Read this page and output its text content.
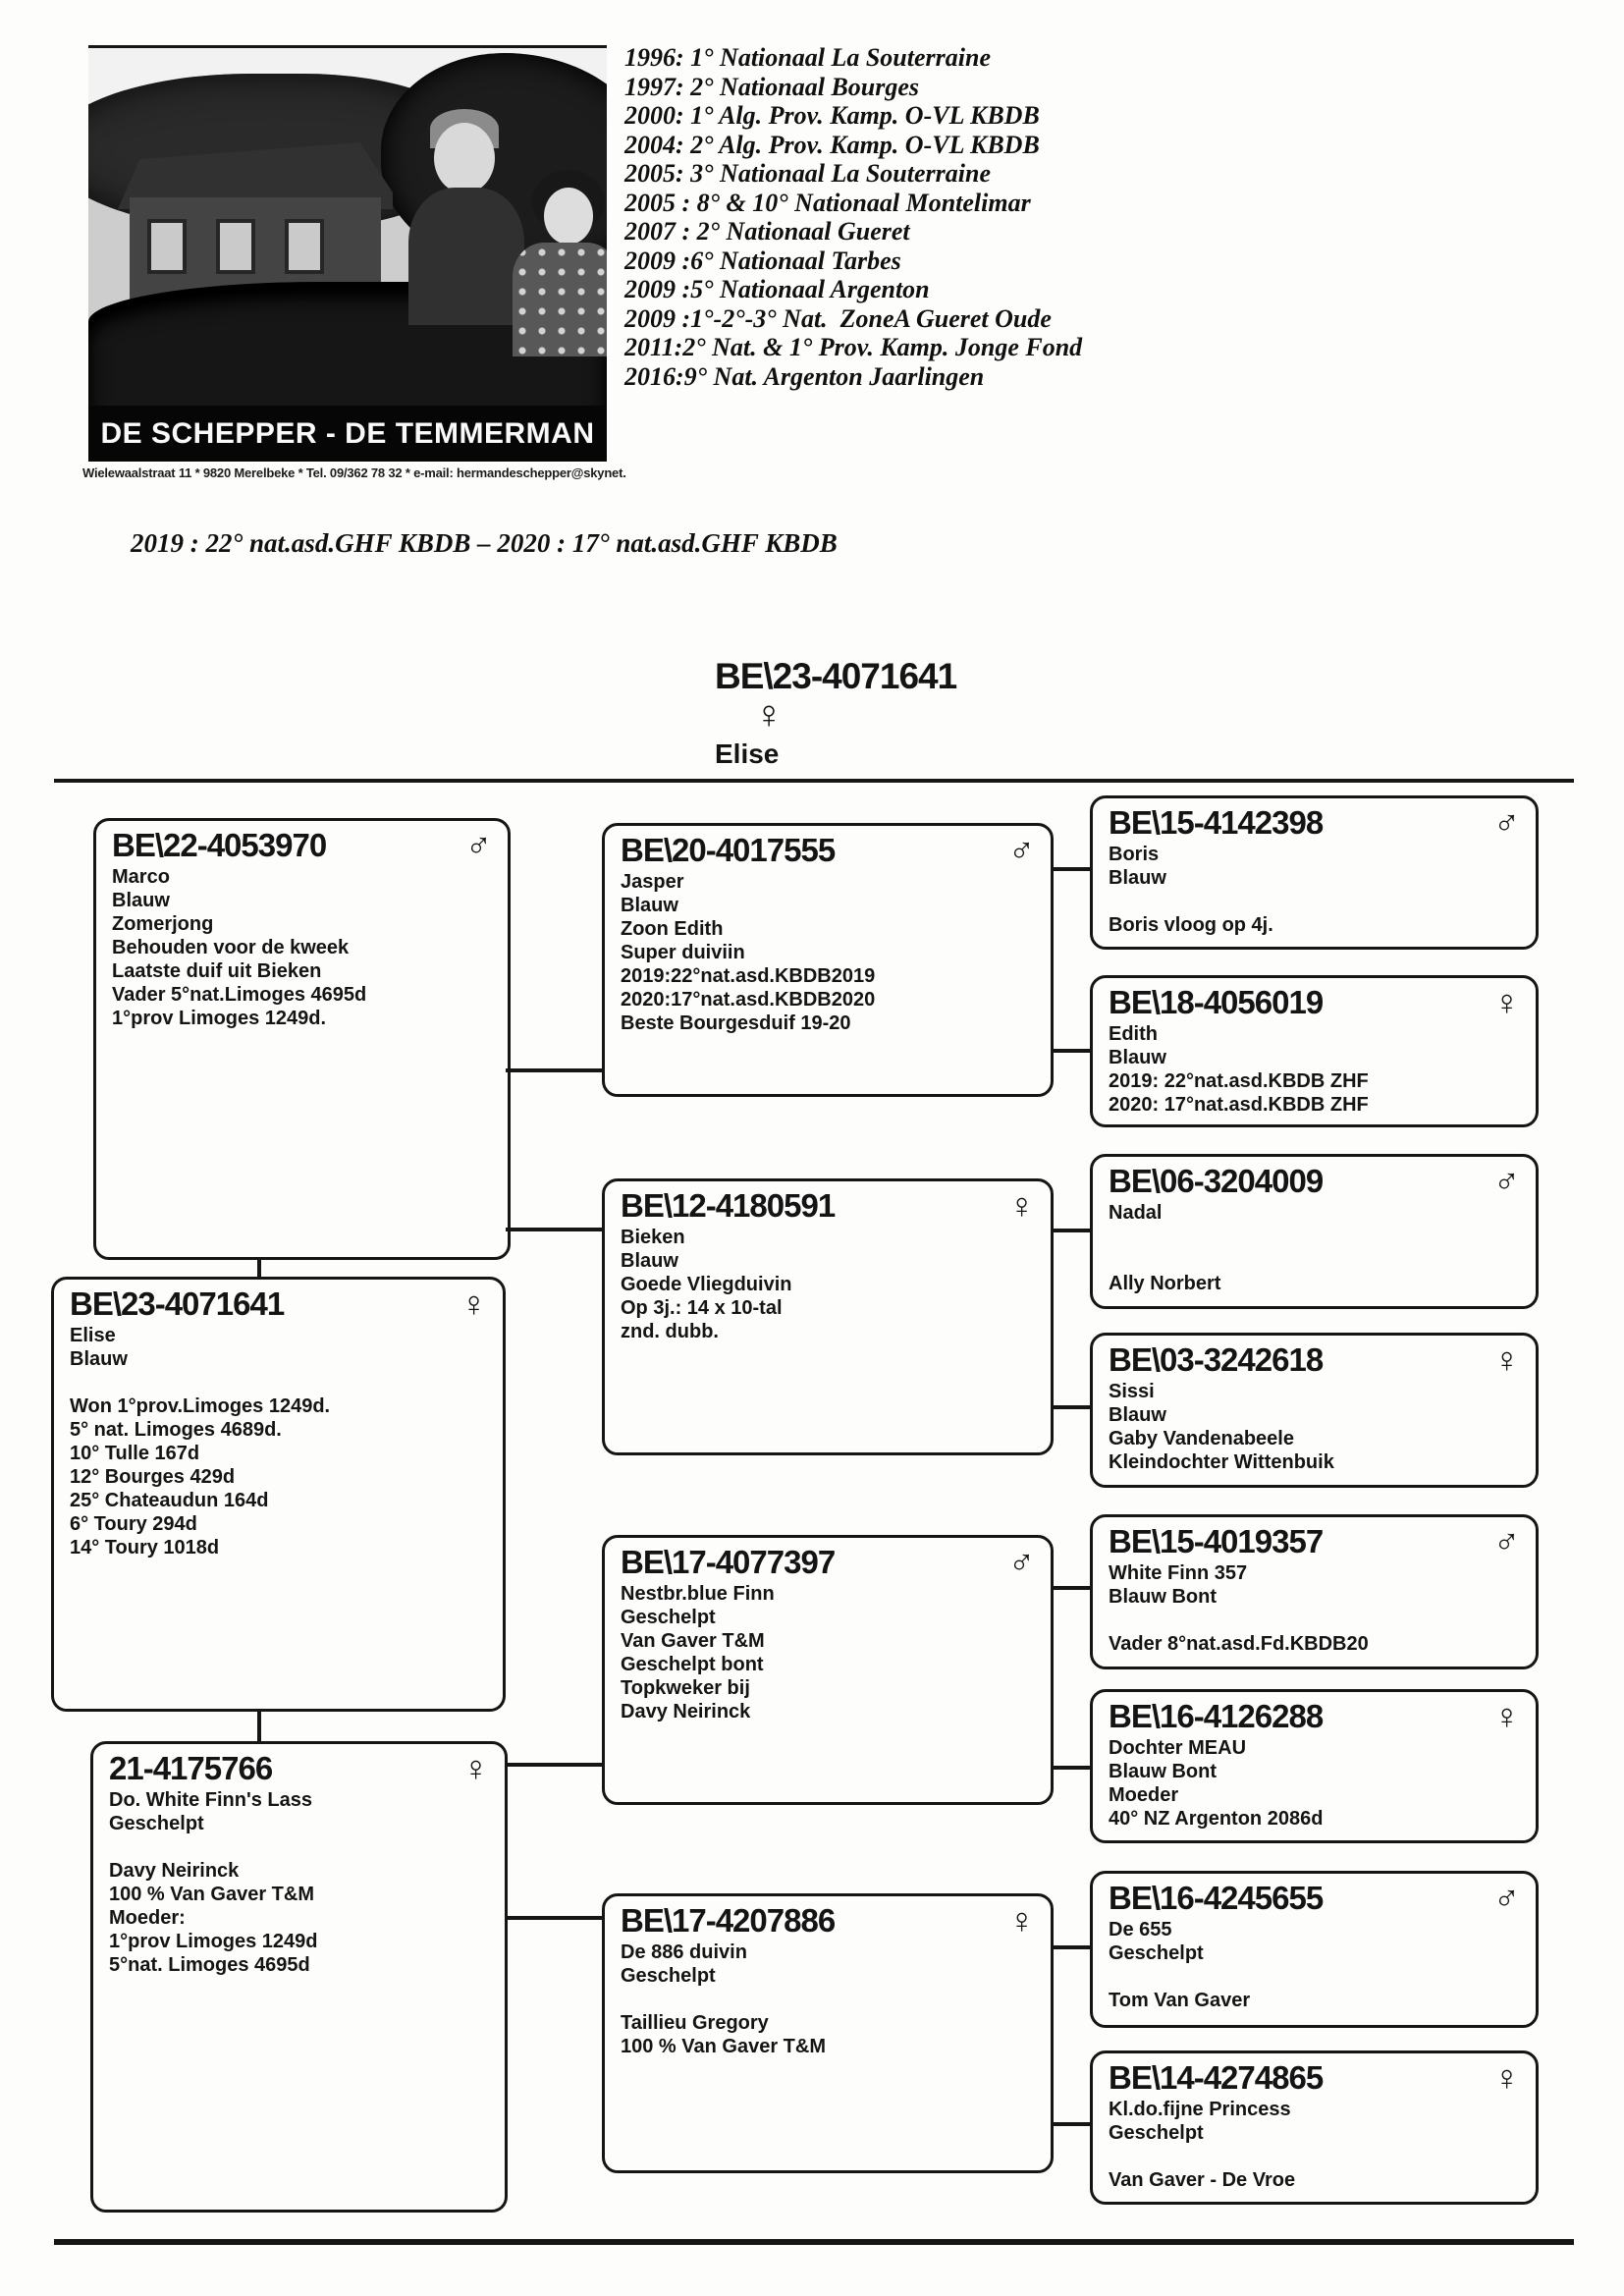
DE SCHEPPER - DE TEMMERMAN
Wielewaalstraat 11 * 9820 Merelbeke * Tel. 09/362 78 32 * e-mail: hermandeschepper@skynet.
1996: 1° Nationaal La Souterraine
1997: 2° Nationaal Bourges
2000: 1° Alg. Prov. Kamp. O-VL KBDB
2004: 2° Alg. Prov. Kamp. O-VL KBDB
2005: 3° Nationaal La Souterraine
2005 : 8° & 10° Nationaal Montelimar
2007 : 2° Nationaal Gueret
2009 :6° Nationaal Tarbes
2009 :5° Nationaal Argenton
2009 :1°-2°-3° Nat.  ZoneA Gueret Oude
2011:2° Nat. & 1° Prov. Kamp. Jonge Fond
2016:9° Nat. Argenton Jaarlingen
2019 : 22° nat.asd.GHF KBDB – 2020 : 17° nat.asd.GHF KBDB
BE\23-4071641
♀
Elise
BE\22-4053970	♂
Marco
Blauw
Zomerjong
Behouden voor de kweek
Laatste duif uit Bieken
Vader 5°nat.Limoges 4695d
1°prov Limoges 1249d.
BE\23-4071641	♀
Elise
Blauw
Won 1°prov.Limoges 1249d.
5° nat. Limoges 4689d.
10° Tulle 167d
12° Bourges 429d
25° Chateaudun 164d
6° Toury 294d
14° Toury 1018d
21-4175766	♀
Do. White Finn's Lass
Geschelpt
Davy Neirinck
100 % Van Gaver T&M
Moeder:
1°prov Limoges 1249d
5°nat. Limoges 4695d
BE\20-4017555	♂
Jasper
Blauw
Zoon Edith
Super duiviin
2019:22°nat.asd.KBDB2019
2020:17°nat.asd.KBDB2020
Beste Bourgesduif 19-20
BE\12-4180591	♀
Bieken
Blauw
Goede Vliegduivin
Op 3j.: 14 x 10-tal
znd. dubb.
BE\17-4077397	♂
Nestbr.blue Finn
Geschelpt
Van Gaver T&M
Geschelpt bont
Topkweker bij
Davy Neirinck
BE\17-4207886	♀
De 886 duivin
Geschelpt
Taillieu Gregory
100 % Van Gaver T&M
BE\15-4142398	♂
Boris
Blauw
Boris vloog op 4j.
BE\18-4056019	♀
Edith
Blauw
2019: 22°nat.asd.KBDB ZHF
2020: 17°nat.asd.KBDB ZHF
BE\06-3204009	♂
Nadal
Ally Norbert
BE\03-3242618	♀
Sissi
Blauw
Gaby Vandenabeele
Kleindochter Wittenbuik
BE\15-4019357	♂
White Finn 357
Blauw Bont
Vader 8°nat.asd.Fd.KBDB20
BE\16-4126288	♀
Dochter MEAU
Blauw Bont
Moeder
40° NZ Argenton 2086d
BE\16-4245655	♂
De 655
Geschelpt
Tom Van Gaver
BE\14-4274865	♀
Kl.do.fijne Princess
Geschelpt
Van Gaver - De Vroe
